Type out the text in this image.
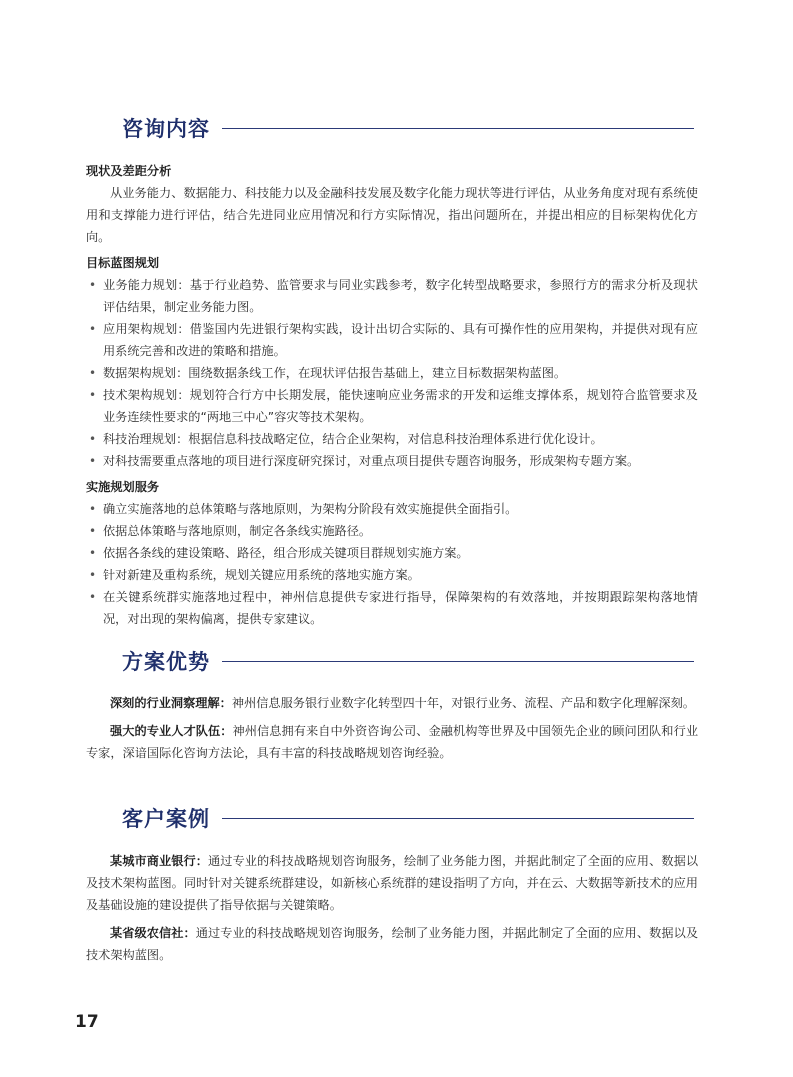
咨询内容
现状及差距分析

从业务能力、数据能力、科技能力以及金融科技发展及数字化能力现状等进行评估，从业务角度对现有系统使用和支撑能力进行评估，结合先进同业应用情况和行方实际情况，指出问题所在，并提出相应的目标架构优化方向。

目标蓝图规划
• 业务能力规划：基于行业趋势、监管要求与同业实践参考，数字化转型战略要求，参照行方的需求分析及现状评估结果，制定业务能力图。
• 应用架构规划：借鉴国内先进银行架构实践，设计出切合实际的、具有可操作性的应用架构，并提供对现有应用系统完善和改进的策略和措施。
• 数据架构规划：围绕数据条线工作，在现状评估报告基础上，建立目标数据架构蓝图。
• 技术架构规划：规划符合行方中长期发展，能快速响应业务需求的开发和运维支撑体系，规划符合监管要求及业务连续性要求的“两地三中心”容灾等技术架构。
• 科技治理规划：根据信息科技战略定位，结合企业架构，对信息科技治理体系进行优化设计。
• 对科技需要重点落地的项目进行深度研究探讨，对重点项目提供专题咨询服务，形成架构专题方案。
实施规划服务
• 确立实施落地的总体策略与落地原则，为架构分阶段有效实施提供全面指引。
• 依据总体策略与落地原则，制定各条线实施路径。
• 依据各条线的建设策略、路径，组合形成关键项目群规划实施方案。
• 针对新建及重构系统，规划关键应用系统的落地实施方案。
• 在关键系统群实施落地过程中，神州信息提供专家进行指导，保障架构的有效落地，并按期跟踪架构落地情况，对出现的架构偏离，提供专家建议。
方案优势

深刻的行业洞察理解：神州信息服务银行业数字化转型四十年，对银行业务、流程、产品和数字化理解深刻。

强大的专业人才队伍：神州信息拥有来自中外资咨询公司、金融机构等世界及中国领先企业的顾问团队和行业专家，深谙国际化咨询方法论，具有丰富的科技战略规划咨询经验。

客户案例

某城市商业银行：通过专业的科技战略规划咨询服务，绘制了业务能力图，并据此制定了全面的应用、数据以及技术架构蓝图。同时针对关键系统群建设，如新核心系统群的建设指明了方向，并在云、大数据等新技术的应用及基础设施的建设提供了指导依据与关键策略。

某省级农信社：通过专业的科技战略规划咨询服务，绘制了业务能力图，并据此制定了全面的应用、数据以及技术架构蓝图。

17
